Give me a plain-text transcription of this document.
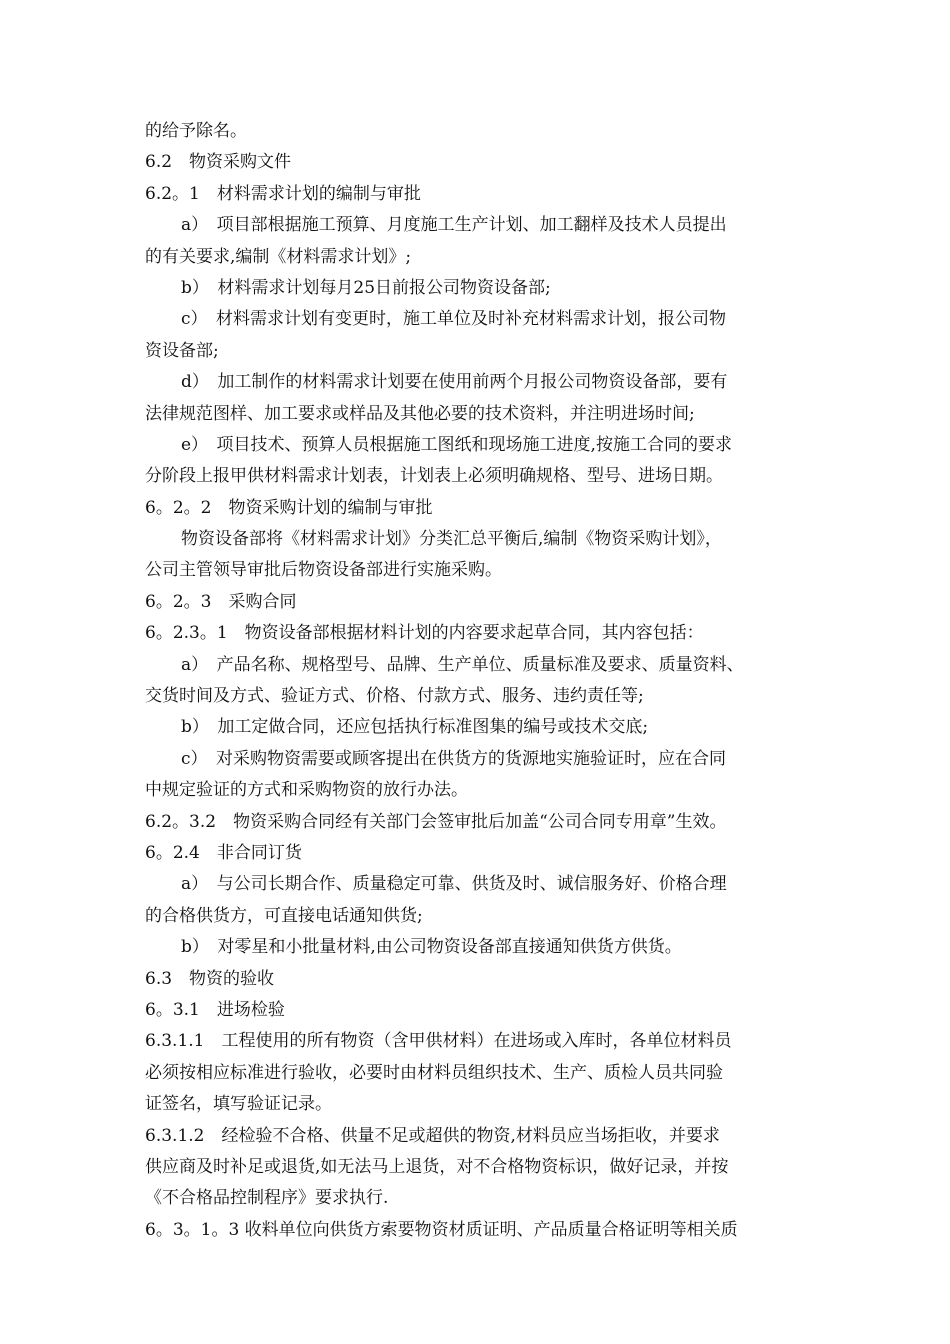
的给予除名。
6.2　物资采购文件
6.2。1　材料需求计划的编制与审批
a）　项目部根据施工预算、月度施工生产计划、加工翻样及技术人员提出
的有关要求,编制《材料需求计划》;
b）　材料需求计划每月25日前报公司物资设备部;
c）　材料需求计划有变更时，施工单位及时补充材料需求计划，报公司物
资设备部;
d）　加工制作的材料需求计划要在使用前两个月报公司物资设备部，要有
法律规范图样、加工要求或样品及其他必要的技术资料，并注明进场时间;
e）　项目技术、预算人员根据施工图纸和现场施工进度,按施工合同的要求
分阶段上报甲供材料需求计划表，计划表上必须明确规格、型号、进场日期。
6。2。2　物资采购计划的编制与审批
物资设备部将《材料需求计划》分类汇总平衡后,编制《物资采购计划》，
公司主管领导审批后物资设备部进行实施采购。
6。2。3　采购合同
6。2.3。1　物资设备部根据材料计划的内容要求起草合同，其内容包括：
a）　产品名称、规格型号、品牌、生产单位、质量标准及要求、质量资料、
交货时间及方式、验证方式、价格、付款方式、服务、违约责任等;
b）　加工定做合同，还应包括执行标准图集的编号或技术交底;
c）　对采购物资需要或顾客提出在供货方的货源地实施验证时，应在合同
中规定验证的方式和采购物资的放行办法。
6.2。3.2　物资采购合同经有关部门会签审批后加盖“公司合同专用章”生效。
6。2.4　非合同订货
a）　与公司长期合作、质量稳定可靠、供货及时、诚信服务好、价格合理
的合格供货方，可直接电话通知供货;
b）　对零星和小批量材料,由公司物资设备部直接通知供货方供货。
6.3　物资的验收
6。3.1　进场检验
6.3.1.1　工程使用的所有物资（含甲供材料）在进场或入库时，各单位材料员
必须按相应标准进行验收，必要时由材料员组织技术、生产、质检人员共同验
证签名，填写验证记录。
6.3.1.2　经检验不合格、供量不足或超供的物资,材料员应当场拒收，并要求
供应商及时补足或退货,如无法马上退货，对不合格物资标识，做好记录，并按
《不合格品控制程序》要求执行.
6。3。1。3 收料单位向供货方索要物资材质证明、产品质量合格证明等相关质
